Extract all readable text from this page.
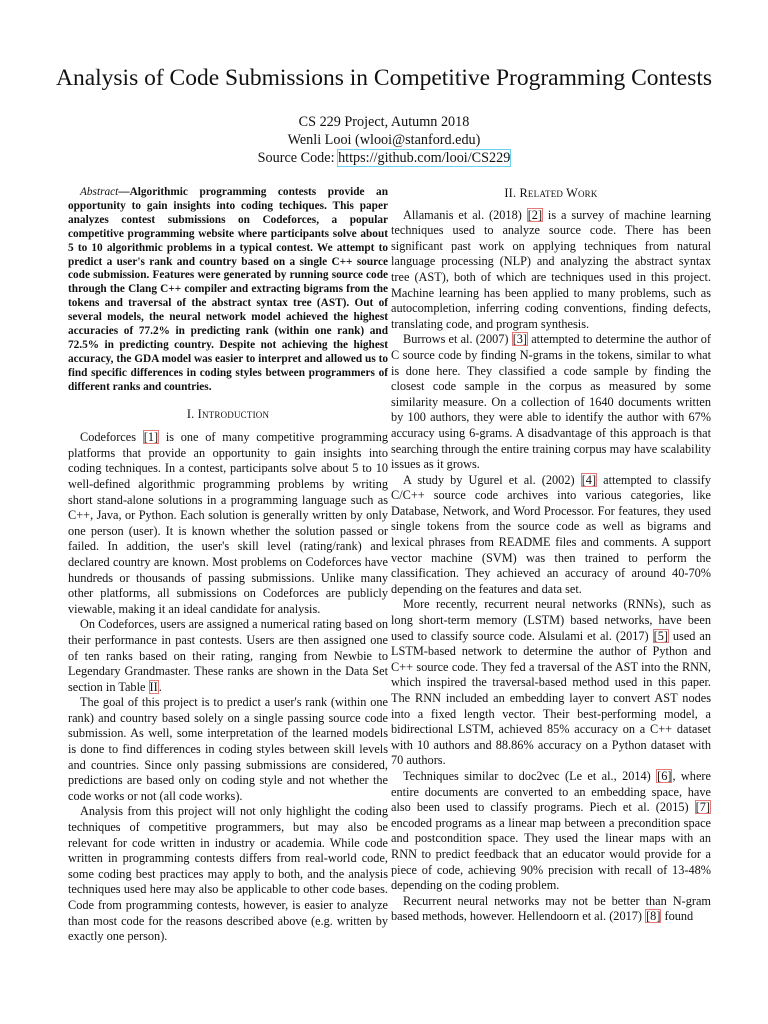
Analysis of Code Submissions in Competitive Programming Contests
CS 229 Project, Autumn 2018
Wenli Looi (wlooi@stanford.edu)
Source Code: https://github.com/looi/CS229

Abstract—Algorithmic programming contests provide an opportunity to gain insights into coding techiques. This paper analyzes contest submissions on Codeforces, a popular competitive programming website where participants solve about 5 to 10 algorithmic problems in a typical contest. We attempt to predict a user's rank and country based on a single C++ source code submission. Features were generated by running source code through the Clang C++ compiler and extracting bigrams from the tokens and traversal of the abstract syntax tree (AST). Out of several models, the neural network model achieved the highest accuracies of 77.2% in predicting rank (within one rank) and 72.5% in predicting country. Despite not achieving the highest accuracy, the GDA model was easier to interpret and allowed us to find specific differences in coding styles between programmers of different ranks and countries.

I. Introduction

Codeforces [1] is one of many competitive programming platforms that provide an opportunity to gain insights into coding techniques. In a contest, participants solve about 5 to 10 well-defined algorithmic programming problems by writing short stand-alone solutions in a programming language such as C++, Java, or Python. Each solution is generally written by only one person (user). It is known whether the solution passed or failed. In addition, the user's skill level (rating/rank) and declared country are known. Most problems on Codeforces have hundreds or thousands of passing submissions. Unlike many other platforms, all submissions on Codeforces are publicly viewable, making it an ideal candidate for analysis.

On Codeforces, users are assigned a numerical rating based on their performance in past contests. Users are then assigned one of ten ranks based on their rating, ranging from Newbie to Legendary Grandmaster. These ranks are shown in the Data Set section in Table II.

The goal of this project is to predict a user's rank (within one rank) and country based solely on a single passing source code submission. As well, some interpretation of the learned models is done to find differences in coding styles between skill levels and countries. Since only passing submissions are considered, predictions are based only on coding style and not whether the code works or not (all code works).

Analysis from this project will not only highlight the coding techniques of competitive programmers, but may also be relevant for code written in industry or academia. While code written in programming contests differs from real-world code, some coding best practices may apply to both, and the analysis techniques used here may also be applicable to other code bases. Code from programming contests, however, is easier to analyze than most code for the reasons described above (e.g. written by exactly one person).

II. Related Work

Allamanis et al. (2018) [2] is a survey of machine learning techniques used to analyze source code. There has been significant past work on applying techniques from natural language processing (NLP) and analyzing the abstract syntax tree (AST), both of which are techniques used in this project. Machine learning has been applied to many problems, such as autocompletion, inferring coding conventions, finding defects, translating code, and program synthesis.

Burrows et al. (2007) [3] attempted to determine the author of C source code by finding N-grams in the tokens, similar to what is done here. They classified a code sample by finding the closest code sample in the corpus as measured by some similarity measure. On a collection of 1640 documents written by 100 authors, they were able to identify the author with 67% accuracy using 6-grams. A disadvantage of this approach is that searching through the entire training corpus may have scalability issues as it grows.

A study by Ugurel et al. (2002) [4] attempted to classify C/C++ source code archives into various categories, like Database, Network, and Word Processor. For features, they used single tokens from the source code as well as bigrams and lexical phrases from README files and comments. A support vector machine (SVM) was then trained to perform the classification. They achieved an accuracy of around 40-70% depending on the features and data set.

More recently, recurrent neural networks (RNNs), such as long short-term memory (LSTM) based networks, have been used to classify source code. Alsulami et al. (2017) [5] used an LSTM-based network to determine the author of Python and C++ source code. They fed a traversal of the AST into the RNN, which inspired the traversal-based method used in this paper. The RNN included an embedding layer to convert AST nodes into a fixed length vector. Their best-performing model, a bidirectional LSTM, achieved 85% accuracy on a C++ dataset with 10 authors and 88.86% accuracy on a Python dataset with 70 authors.

Techniques similar to doc2vec (Le et al., 2014) [6], where entire documents are converted to an embedding space, have also been used to classify programs. Piech et al. (2015) [7] encoded programs as a linear map between a precondition space and postcondition space. They used the linear maps with an RNN to predict feedback that an educator would provide for a piece of code, achieving 90% precision with recall of 13-48% depending on the coding problem.

Recurrent neural networks may not be better than N-gram based methods, however. Hellendoorn et al. (2017) [8] found
